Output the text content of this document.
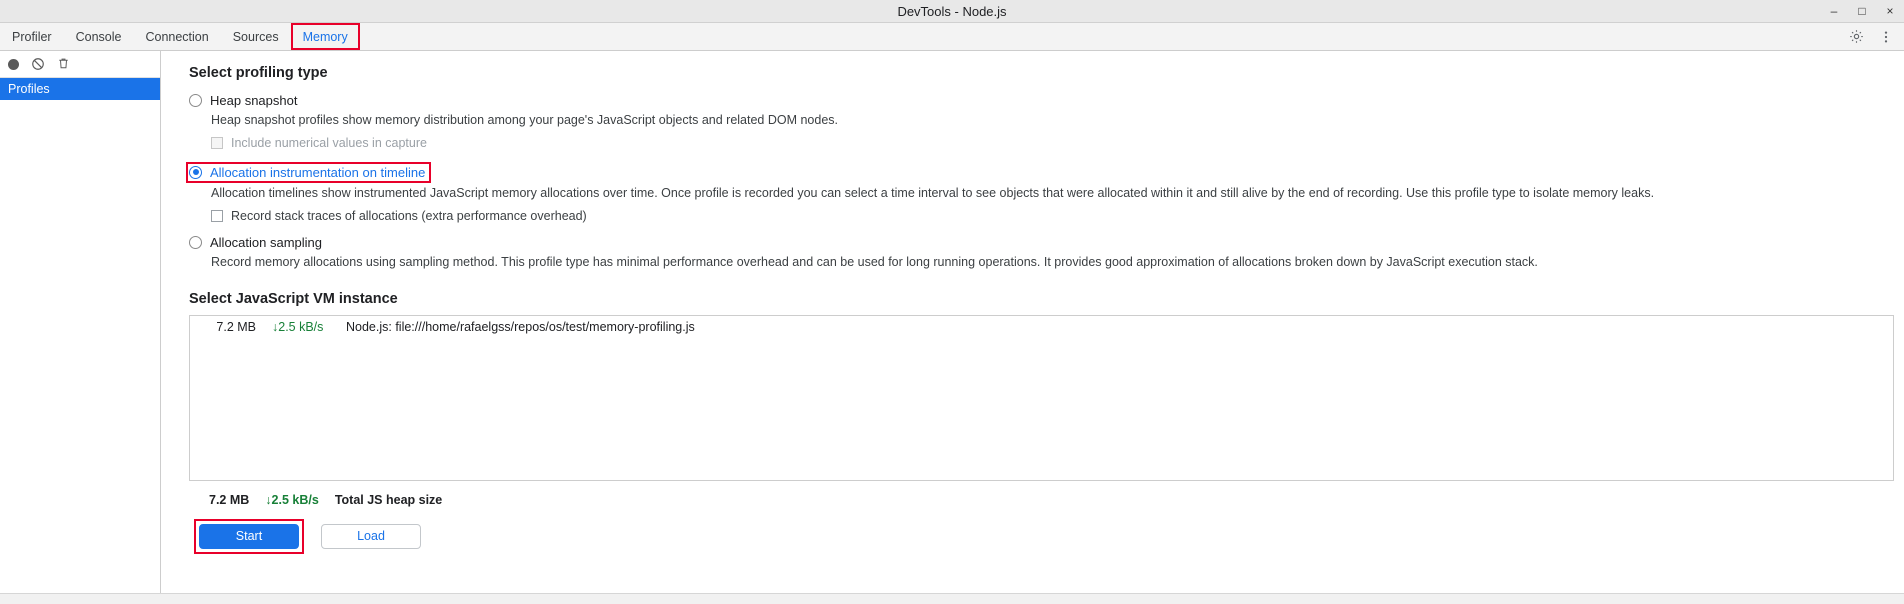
DevTools - Node.js	– □ ×
Profiler Console Connection Sources Memory
Profiles
Select profiling type
Heap snapshot
Heap snapshot profiles show memory distribution among your page's JavaScript objects and related DOM nodes.
Include numerical values in capture
Allocation instrumentation on timeline
Allocation timelines show instrumented JavaScript memory allocations over time. Once profile is recorded you can select a time interval to see objects that were allocated within it and still alive by the end of recording. Use this profile type to isolate memory leaks.
Record stack traces of allocations (extra performance overhead)
Allocation sampling
Record memory allocations using sampling method. This profile type has minimal performance overhead and can be used for long running operations. It provides good approximation of allocations broken down by JavaScript execution stack.
Select JavaScript VM instance
7.2 MB ↓2.5 kB/s	Node.js: file:///home/rafaelgss/repos/os/test/memory-profiling.js
7.2 MB ↓2.5 kB/s Total JS heap size
Start	Load
